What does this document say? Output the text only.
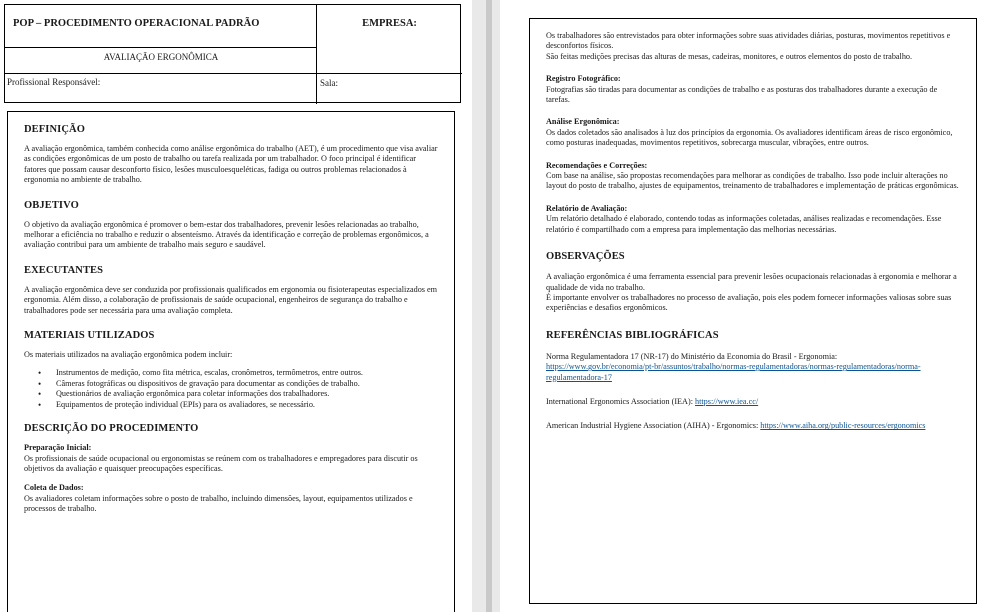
POP – PROCEDIMENTO OPERACIONAL PADRÃO
AVALIAÇÃO ERGONÔMICA
EMPRESA:
Profissional Responsável:	Sala:
DEFINIÇÃO

A avaliação ergonômica, também conhecida como análise ergonômica do trabalho (AET), é um procedimento que visa avaliar as condições ergonômicas de um posto de trabalho ou tarefa realizada por um trabalhador. O foco principal é identificar fatores que possam causar desconforto físico, lesões musculoesqueléticas, fadiga ou outros problemas relacionados à ergonomia no ambiente de trabalho.

OBJETIVO

O objetivo da avaliação ergonômica é promover o bem-estar dos trabalhadores, prevenir lesões relacionadas ao trabalho, melhorar a eficiência no trabalho e reduzir o absenteísmo. Através da identificação e correção de problemas ergonômicos, a avaliação contribui para um ambiente de trabalho mais seguro e saudável.

EXECUTANTES

A avaliação ergonômica deve ser conduzida por profissionais qualificados em ergonomia ou fisioterapeutas especializados em ergonomia. Além disso, a colaboração de profissionais de saúde ocupacional, engenheiros de segurança do trabalho e trabalhadores pode ser necessária para uma avaliação completa.

MATERIAIS UTILIZADOS

Os materiais utilizados na avaliação ergonômica podem incluir:

• Instrumentos de medição, como fita métrica, escalas, cronômetros, termômetros, entre outros.
• Câmeras fotográficas ou dispositivos de gravação para documentar as condições de trabalho.
• Questionários de avaliação ergonômica para coletar informações dos trabalhadores.
• Equipamentos de proteção individual (EPIs) para os avaliadores, se necessário.
DESCRIÇÃO DO PROCEDIMENTO
Preparação Inicial:

Os profissionais de saúde ocupacional ou ergonomistas se reúnem com os trabalhadores e empregadores para discutir os objetivos da avaliação e quaisquer preocupações específicas.

Coleta de Dados:

Os avaliadores coletam informações sobre o posto de trabalho, incluindo dimensões, layout, equipamentos utilizados e processos de trabalho.

Os trabalhadores são entrevistados para obter informações sobre suas atividades diárias, posturas, movimentos repetitivos e desconfortos físicos.

São feitas medições precisas das alturas de mesas, cadeiras, monitores, e outros elementos do posto de trabalho.

Registro Fotográfico:

Fotografias são tiradas para documentar as condições de trabalho e as posturas dos trabalhadores durante a execução de tarefas.

Análise Ergonômica:

Os dados coletados são analisados à luz dos princípios da ergonomia. Os avaliadores identificam áreas de risco ergonômico, como posturas inadequadas, movimentos repetitivos, sobrecarga muscular, vibrações, entre outros.

Recomendações e Correções:

Com base na análise, são propostas recomendações para melhorar as condições de trabalho. Isso pode incluir alterações no layout do posto de trabalho, ajustes de equipamentos, treinamento de trabalhadores e implementação de práticas ergonômicas.

Relatório de Avaliação:

Um relatório detalhado é elaborado, contendo todas as informações coletadas, análises realizadas e recomendações. Esse relatório é compartilhado com a empresa para implementação das melhorias necessárias.

OBSERVAÇÕES

A avaliação ergonômica é uma ferramenta essencial para prevenir lesões ocupacionais relacionadas à ergonomia e melhorar a qualidade de vida no trabalho.

É importante envolver os trabalhadores no processo de avaliação, pois eles podem fornecer informações valiosas sobre suas experiências e desafios ergonômicos.

REFERÊNCIAS BIBLIOGRÁFICAS

Norma Regulamentadora 17 (NR-17) do Ministério da Economia do Brasil - Ergonomia:
https://www.gov.br/economia/pt-br/assuntos/trabalho/normas-regulamentadoras/normas-regulamentadoras/norma-regulamentadora-17

International Ergonomics Association (IEA): https://www.iea.cc/

American Industrial Hygiene Association (AIHA) - Ergonomics: https://www.aiha.org/public-resources/ergonomics
